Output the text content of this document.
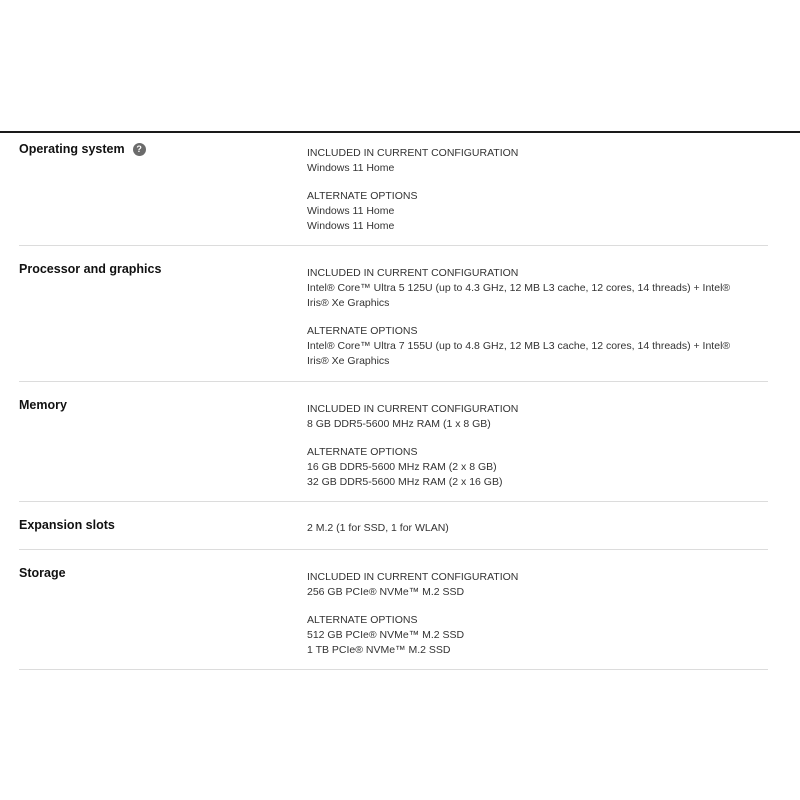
Operating system	?	INCLUDED IN CURRENT CONFIGURATION
Windows 11 Home
ALTERNATE OPTIONS
Windows 11 Home
Windows 11 Home
Processor and graphics	INCLUDED IN CURRENT CONFIGURATION
Intel® Core™ Ultra 5 125U (up to 4.3 GHz, 12 MB L3 cache, 12 cores, 14 threads) + Intel® Iris® Xe Graphics
ALTERNATE OPTIONS
Intel® Core™ Ultra 7 155U (up to 4.8 GHz, 12 MB L3 cache, 12 cores, 14 threads) + Intel® Iris® Xe Graphics
Memory	INCLUDED IN CURRENT CONFIGURATION
8 GB DDR5-5600 MHz RAM (1 x 8 GB)
ALTERNATE OPTIONS
16 GB DDR5-5600 MHz RAM (2 x 8 GB)
32 GB DDR5-5600 MHz RAM (2 x 16 GB)
Expansion slots	2 M.2 (1 for SSD, 1 for WLAN)
Storage	INCLUDED IN CURRENT CONFIGURATION
256 GB PCIe® NVMe™ M.2 SSD
ALTERNATE OPTIONS
512 GB PCIe® NVMe™ M.2 SSD
1 TB PCIe® NVMe™ M.2 SSD
